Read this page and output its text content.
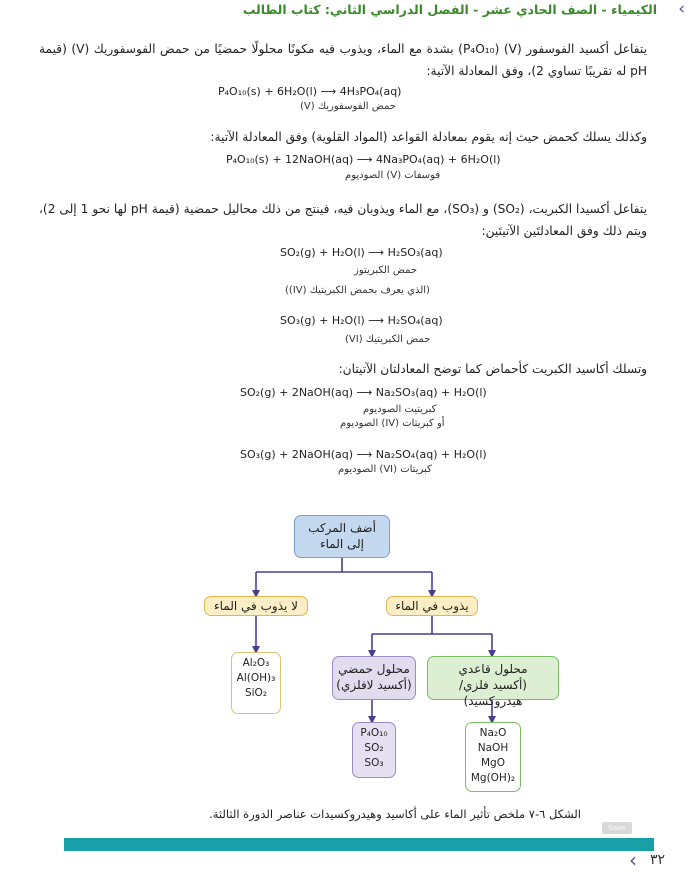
‹
الكيمياء - الصف الحادي عشر - الفصل الدراسي الثاني: كتاب الطالب
يتفاعل أكسيد الفوسفور (V) (P₄O₁₀) بشدة مع الماء، ويذوب فيه مكونًا محلولًا حمضيًا من حمض الفوسفوريك (V) (قيمة pH له تقريبًا تساوي 2)، وفق المعادلة الآتية:
P₄O₁₀(s) + 6H₂O(l) ⟶ 4H₃PO₄(aq)
حمض الفوسفوريك (V)
وكذلك يسلك كحمض حيث إنه يقوم بمعادلة القواعد (المواد القلوية) وفق المعادلة الآتية:
P₄O₁₀(s) + 12NaOH(aq) ⟶ 4Na₃PO₄(aq) + 6H₂O(l)
فوسفات (V) الصوديوم
يتفاعل أكسيدا الكبريت، (SO₂) و (SO₃)، مع الماء ويذوبان فيه، فينتج من ذلك محاليل حمضية (قيمة pH لها نحو 1 إلى 2)، ويتم ذلك وفق المعادلتَين الآتيتَين:
SO₂(g) + H₂O(l) ⟶ H₂SO₃(aq)
حمض الكبريتوز
(الذي يعرف بحمض الكبريتيك (IV))
SO₃(g) + H₂O(l) ⟶ H₂SO₄(aq)
حمض الكبريتيك (VI)
وتسلك أكاسيد الكبريت كأحماض كما توضح المعادلتان الآتيتان:
SO₂(g) + 2NaOH(aq) ⟶ Na₂SO₃(aq) + H₂O(l)
كبريتيت الصوديوم
أو كبريتات (IV) الصوديوم
SO₃(g) + 2NaOH(aq) ⟶ Na₂SO₄(aq) + H₂O(l)
كبريتات (VI) الصوديوم
أضف المركب
إلى الماء
لا يذوب في الماء	يذوب في الماء
Al₂O₃
Al(OH)₃
SiO₂
محلول حمضي
(أكسيد لافلزي)
محلول قاعدي
(أكسيد فلزي/ هيدروكسيد)
P₄O₁₀
SO₂
SO₃
Na₂O
NaOH
MgO
Mg(OH)₂
الشكل ٦-٧ ملخص تأثير الماء على أكاسيد وهيدروكسيدات عناصر الدورة الثالثة.
Save
‹ ٣٢
